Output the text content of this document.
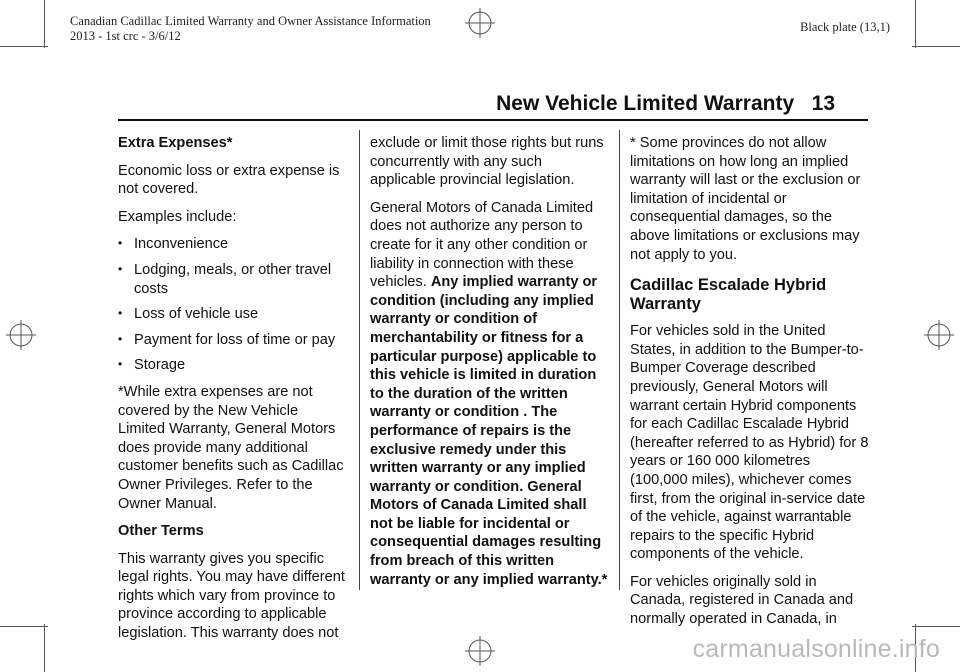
Canadian Cadillac Limited Warranty and Owner Assistance Information
2013 - 1st crc - 3/6/12
Black plate (13,1)
New Vehicle Limited Warranty 13

Extra Expenses*

Economic loss or extra expense is not covered.

Examples include:

• Inconvenience
• Lodging, meals, or other travel costs
• Loss of vehicle use
• Payment for loss of time or pay
• Storage

*While extra expenses are not covered by the New Vehicle Limited Warranty, General Motors does provide many additional customer benefits such as Cadillac Owner Privileges. Refer to the Owner Manual.

Other Terms

This warranty gives you specific legal rights. You may have different rights which vary from province to province according to applicable legislation. This warranty does not

exclude or limit those rights but runs concurrently with any such applicable provincial legislation.

General Motors of Canada Limited does not authorize any person to create for it any other condition or liability in connection with these vehicles. Any implied warranty or condition (including any implied warranty or condition of merchantability or fitness for a particular purpose) applicable to this vehicle is limited in duration to the duration of the written warranty or condition . The performance of repairs is the exclusive remedy under this written warranty or any implied warranty or condition. General Motors of Canada Limited shall not be liable for incidental or consequential damages resulting from breach of this written warranty or any implied warranty.*

* Some provinces do not allow limitations on how long an implied warranty will last or the exclusion or limitation of incidental or consequential damages, so the above limitations or exclusions may not apply to you.

Cadillac Escalade Hybrid Warranty

For vehicles sold in the United States, in addition to the Bumper-to-Bumper Coverage described previously, General Motors will warrant certain Hybrid components for each Cadillac Escalade Hybrid (hereafter referred to as Hybrid) for 8 years or 160 000 kilometres (100,000 miles), whichever comes first, from the original in-service date of the vehicle, against warrantable repairs to the specific Hybrid components of the vehicle.

For vehicles originally sold in Canada, registered in Canada and normally operated in Canada, in

carmanualsonline.info
